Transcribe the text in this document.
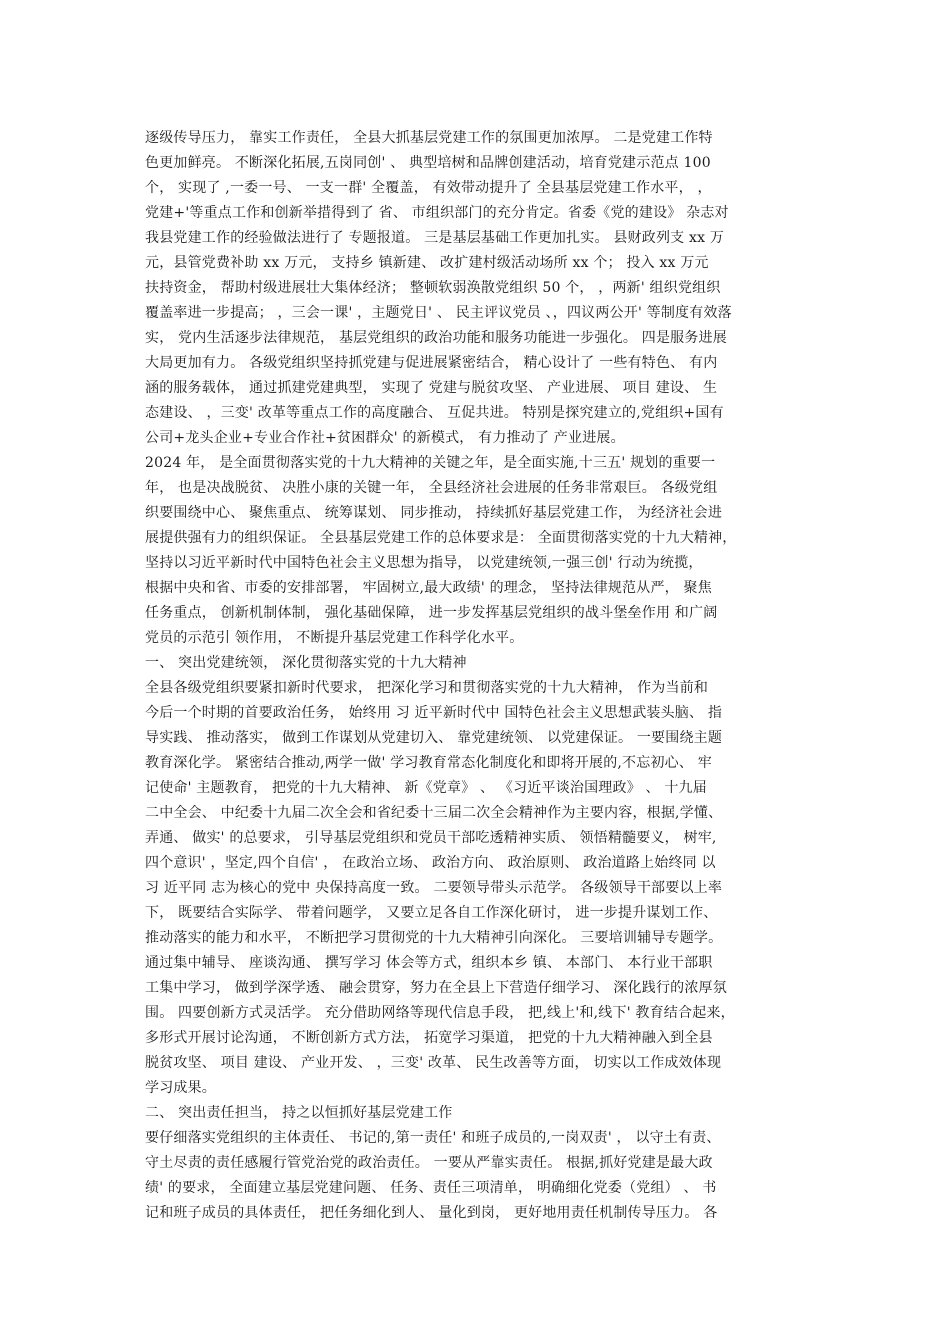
逐级传导压力， 靠实工作责任， 全县大抓基层党建工作的氛围更加浓厚。 二是党建工作特
色更加鲜亮。 不断深化拓展,五岗同创' 、 典型培树和品牌创建活动，培育党建示范点 100
个， 实现了 ,一委一号、 一支一群' 全覆盖， 有效带动提升了 全县基层党建工作水平， ，
党建+'等重点工作和创新举措得到了 省、 市组织部门的充分肯定。省委《党的建设》 杂志对
我县党建工作的经验做法进行了 专题报道。 三是基层基础工作更加扎实。 县财政列支 xx 万
元，县管党费补助 xx 万元， 支持乡 镇新建、 改扩建村级活动场所 xx 个； 投入 xx 万元
扶持资金， 帮助村级进展壮大集体经济； 整顿软弱涣散党组织 50 个， ，两新' 组织党组织
覆盖率进一步提高； ，三会一课' ，主题党日' 、 民主评议党员 、，四议两公开' 等制度有效落
实， 党内生活逐步法律规范， 基层党组织的政治功能和服务功能进一步强化。 四是服务进展
大局更加有力。 各级党组织坚持抓党建与促进展紧密结合， 精心设计了 一些有特色、 有内
涵的服务载体， 通过抓建党建典型， 实现了 党建与脱贫攻坚、 产业进展、 项目 建设、 生
态建设、 ，三变' 改革等重点工作的高度融合、 互促共进。 特别是探究建立的,党组织+国有
公司+龙头企业+专业合作社+贫困群众' 的新模式， 有力推动了 产业进展。
2024 年， 是全面贯彻落实党的十九大精神的关键之年，是全面实施,十三五' 规划的重要一
年， 也是决战脱贫、 决胜小康的关键一年， 全县经济社会进展的任务非常艰巨。 各级党组
织要围绕中心、 聚焦重点、 统筹谋划、 同步推动， 持续抓好基层党建工作， 为经济社会进
展提供强有力的组织保证。 全县基层党建工作的总体要求是： 全面贯彻落实党的十九大精神，
坚持以习近平新时代中国特色社会主义思想为指导， 以党建统领,一强三创' 行动为统揽，
根据中央和省、市委的安排部署， 牢固树立,最大政绩' 的理念， 坚持法律规范从严， 聚焦
任务重点， 创新机制体制， 强化基础保障， 进一步发挥基层党组织的战斗堡垒作用 和广阔
党员的示范引 领作用， 不断提升基层党建工作科学化水平。
一、 突出党建统领， 深化贯彻落实党的十九大精神
全县各级党组织要紧扣新时代要求， 把深化学习和贯彻落实党的十九大精神， 作为当前和
今后一个时期的首要政治任务， 始终用 习 近平新时代中 国特色社会主义思想武装头脑、 指
导实践、 推动落实， 做到工作谋划从党建切入、 靠党建统领、 以党建保证。 一要围绕主题
教育深化学。 紧密结合推动,两学一做' 学习教育常态化制度化和即将开展的,不忘初心、 牢
记使命' 主题教育， 把党的十九大精神、 新《党章》 、 《习近平谈治国理政》 、 十九届
二中全会、 中纪委十九届二次全会和省纪委十三届二次全会精神作为主要内容，根据,学懂、
弄通、 做实' 的总要求， 引导基层党组织和党员干部吃透精神实质、 领悟精髓要义， 树牢,
四个意识' ，坚定,四个自信' ， 在政治立场、 政治方向、 政治原则、 政治道路上始终同 以
习 近平同 志为核心的党中 央保持高度一致。 二要领导带头示范学。 各级领导干部要以上率
下， 既要结合实际学、 带着问题学， 又要立足各自工作深化研讨， 进一步提升谋划工作、
推动落实的能力和水平， 不断把学习贯彻党的十九大精神引向深化。 三要培训辅导专题学。
通过集中辅导、 座谈沟通、 撰写学习 体会等方式，组织本乡 镇、 本部门、 本行业干部职
工集中学习， 做到学深学透、 融会贯穿，努力在全县上下营造仔细学习、 深化践行的浓厚氛
围。 四要创新方式灵活学。 充分借助网络等现代信息手段， 把,线上'和,线下' 教育结合起来，
多形式开展讨论沟通， 不断创新方式方法， 拓宽学习渠道， 把党的十九大精神融入到全县
脱贫攻坚、 项目 建设、 产业开发、 ，三变' 改革、 民生改善等方面， 切实以工作成效体现
学习成果。
二、 突出责任担当， 持之以恒抓好基层党建工作
要仔细落实党组织的主体责任、 书记的,第一责任' 和班子成员的,一岗双责' ， 以守土有责、
守土尽责的责任感履行管党治党的政治责任。 一要从严靠实责任。 根据,抓好党建是最大政
绩' 的要求， 全面建立基层党建问题、 任务、责任三项清单， 明确细化党委（党组） 、 书
记和班子成员的具体责任， 把任务细化到人、 量化到岗， 更好地用责任机制传导压力。 各
